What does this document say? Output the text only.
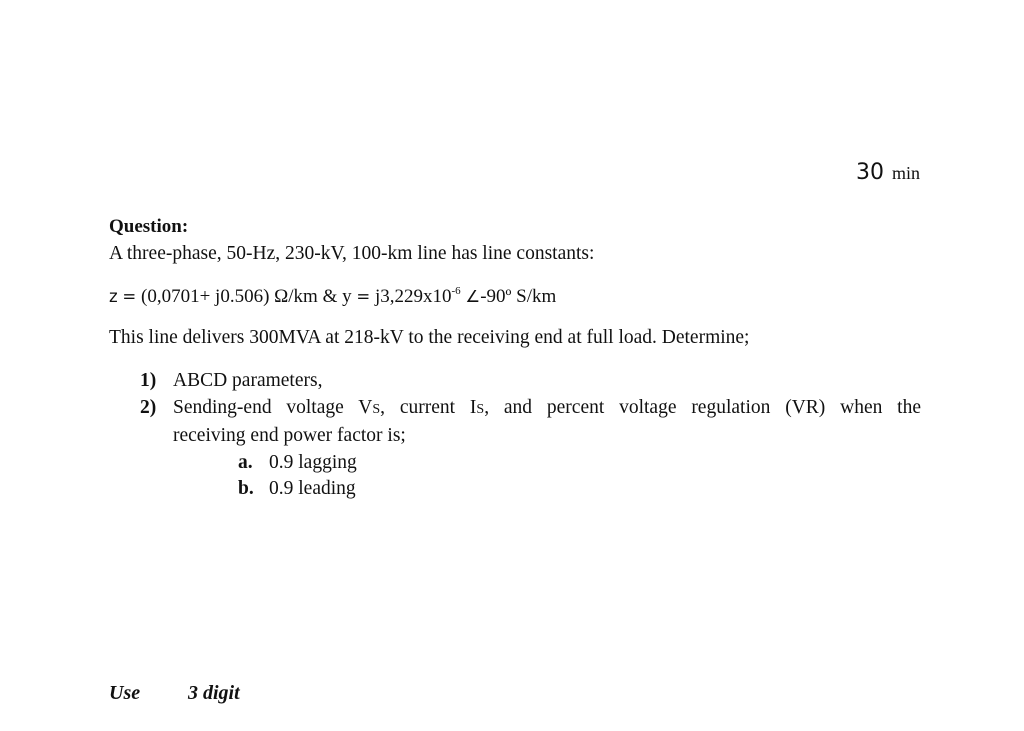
30 min
Question:
A three-phase, 50-Hz, 230-kV, 100-km line has line constants:
z = (0,0701+ j0.506) Ω/km & $y = j3,229x10^{-6}$ ∠-90º S/km
This line delivers 300MVA at 218-kV to the receiving end at full load. Determine;
1) ABCD parameters,
2) Sending-end voltage VS, current IS, and percent voltage regulation (VR) when the
receiving end power factor is;
a. 0.9 lagging
b. 0.9 leading
Use 3 digit
